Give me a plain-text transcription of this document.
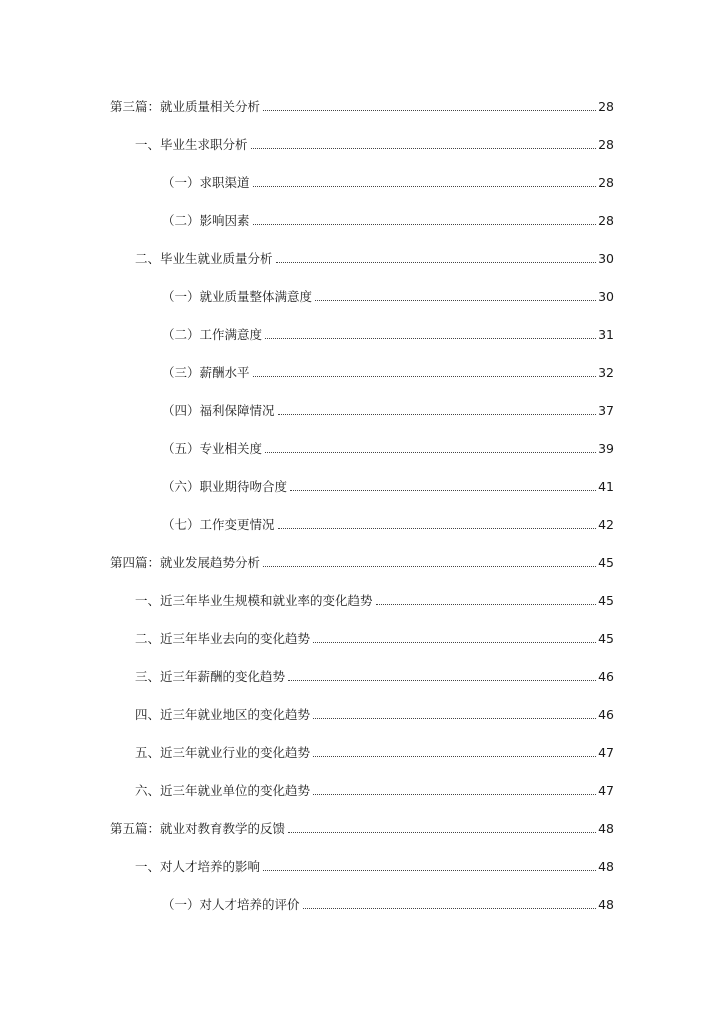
第三篇：就业质量相关分析	28
一、毕业生求职分析	28
（一）求职渠道	28
（二）影响因素	28
二、毕业生就业质量分析	30
（一）就业质量整体满意度	30
（二）工作满意度	31
（三）薪酬水平	32
（四）福利保障情况	37
（五）专业相关度	39
（六）职业期待吻合度	41
（七）工作变更情况	42
第四篇：就业发展趋势分析	45
一、近三年毕业生规模和就业率的变化趋势	45
二、近三年毕业去向的变化趋势	45
三、近三年薪酬的变化趋势	46
四、近三年就业地区的变化趋势	46
五、近三年就业行业的变化趋势	47
六、近三年就业单位的变化趋势	47
第五篇：就业对教育教学的反馈	48
一、对人才培养的影响	48
（一）对人才培养的评价	48
